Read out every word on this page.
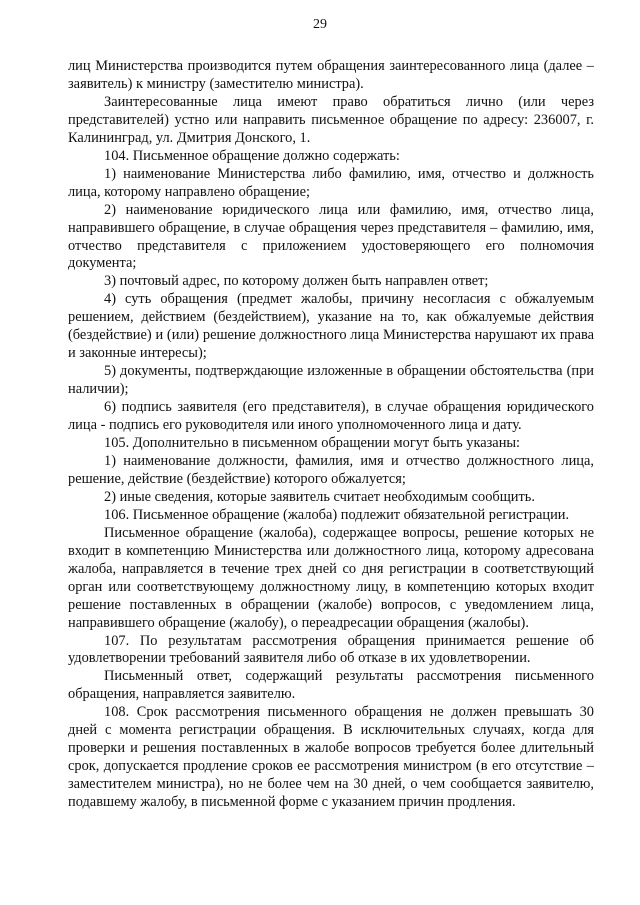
29

лиц Министерства производится путем обращения заинтересованного лица (далее – заявитель) к министру (заместителю министра).

Заинтересованные лица имеют право обратиться лично (или через представителей) устно или направить письменное обращение по адресу: 236007, г. Калининград, ул. Дмитрия Донского, 1.

104. Письменное обращение должно содержать:

1) наименование Министерства либо фамилию, имя, отчество и должность лица, которому направлено обращение;

2) наименование юридического лица или фамилию, имя, отчество лица, направившего обращение, в случае обращения через представителя – фамилию, имя, отчество представителя с приложением удостоверяющего его полномочия документа;

3) почтовый адрес, по которому должен быть направлен ответ;

4) суть обращения (предмет жалобы, причину несогласия с обжалуемым решением, действием (бездействием), указание на то, как обжалуемые действия (бездействие) и (или) решение должностного лица Министерства нарушают их права и законные интересы);

5) документы, подтверждающие изложенные в обращении обстоятельства (при наличии);

6) подпись заявителя (его представителя), в случае обращения юридического лица - подпись его руководителя или иного уполномоченного лица и дату.

105. Дополнительно в письменном обращении могут быть указаны:

1) наименование должности, фамилия, имя и отчество должностного лица, решение, действие (бездействие) которого обжалуется;

2) иные сведения, которые заявитель считает необходимым сообщить.

106. Письменное обращение (жалоба) подлежит обязательной регистрации.

Письменное обращение (жалоба), содержащее вопросы, решение которых не входит в компетенцию Министерства или должностного лица, которому адресована жалоба, направляется в течение трех дней со дня регистрации в соответствующий орган или соответствующему должностному лицу, в компетенцию которых входит решение поставленных в обращении (жалобе) вопросов, с уведомлением лица, направившего обращение (жалобу), о переадресации обращения (жалобы).

107. По результатам рассмотрения обращения принимается решение об удовлетворении требований заявителя либо об отказе в их удовлетворении.

Письменный ответ, содержащий результаты рассмотрения письменного обращения, направляется заявителю.

108. Срок рассмотрения письменного обращения не должен превышать 30 дней с момента регистрации обращения. В исключительных случаях, когда для проверки и решения поставленных в жалобе вопросов требуется более длительный срок, допускается продление сроков ее рассмотрения министром (в его отсутствие – заместителем министра), но не более чем на 30 дней, о чем сообщается заявителю, подавшему жалобу, в письменной форме с указанием причин продления.
